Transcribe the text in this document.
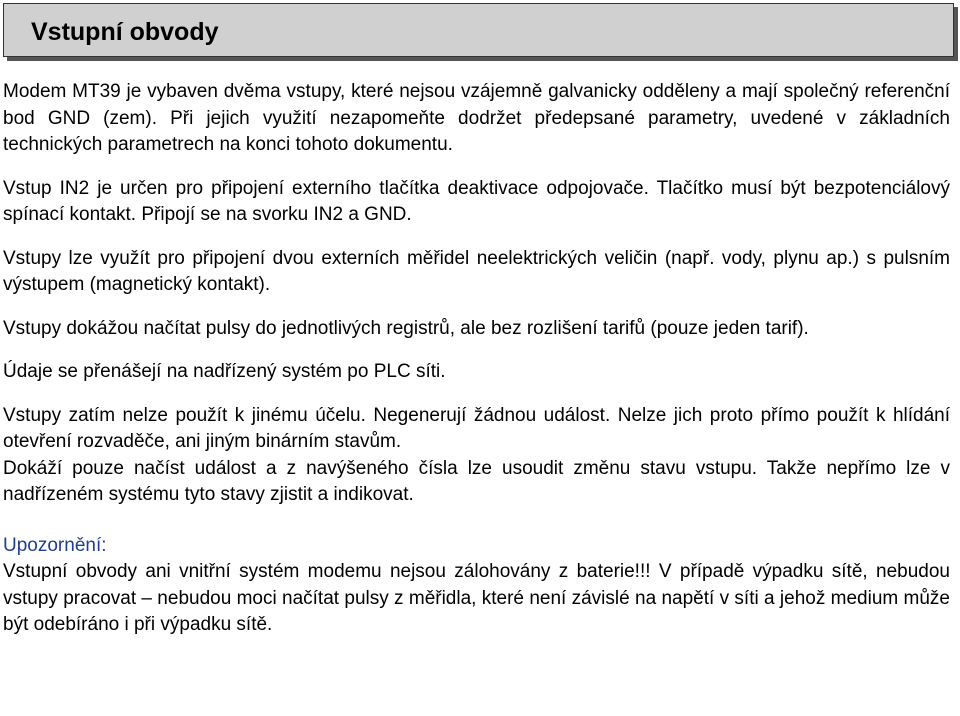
Vstupní obvody

Modem MT39 je vybaven dvěma vstupy, které nejsou vzájemně galvanicky odděleny a mají společný referenční bod GND (zem). Při jejich využití nezapomeňte dodržet předepsané parametry, uvedené v základních technických parametrech na konci tohoto dokumentu.

Vstup IN2 je určen pro připojení externího tlačítka deaktivace odpojovače. Tlačítko musí být bezpotenciálový spínací kontakt. Připojí se na svorku IN2 a GND.

Vstupy lze využít pro připojení dvou externích měřidel neelektrických veličin (např. vody, plynu ap.) s pulsním výstupem (magnetický kontakt).

Vstupy dokážou načítat pulsy do jednotlivých registrů, ale bez rozlišení tarifů (pouze jeden tarif).

Údaje se přenášejí na nadřízený systém po PLC síti.

Vstupy zatím nelze použít k jinému účelu. Negenerují žádnou událost. Nelze jich proto přímo použít k hlídání otevření rozvaděče, ani jiným binárním stavům.

Dokáží pouze načíst událost a z navýšeného čísla lze usoudit změnu stavu vstupu. Takže nepřímo lze v nadřízeném systému tyto stavy zjistit a indikovat.

Upozornění:

Vstupní obvody ani vnitřní systém modemu nejsou zálohovány z baterie!!! V případě výpadku sítě, nebudou vstupy pracovat – nebudou moci načítat pulsy z měřidla, které není závislé na napětí v síti a jehož medium může být odebíráno i při výpadku sítě.
